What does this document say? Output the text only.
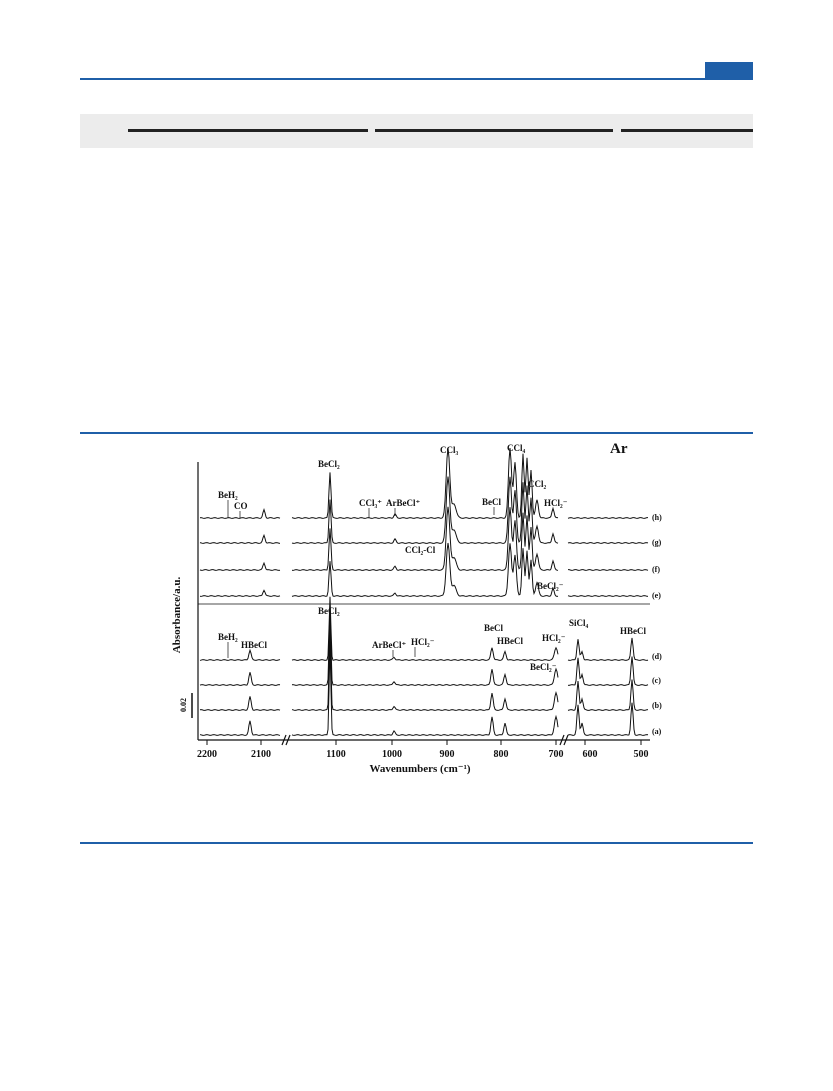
2200	2100	1100	1000	900	800	700 600	500
Wavenumbers (cm⁻¹)
Absorbance/a.u.
0.02
Ar
(h)
(g)
(f)
(e)
(d)
(c)
(b)
(a)
BeH₂
CO
BeCl₂
CCl₃⁺ ArBeCl⁺
CCl₃
BeCl
CCl₄
CCl₂
HCl₂⁻
CCl₂-Cl
BeCl₂⁻
BeH₂
HBeCl
BeCl₂
ArBeCl⁺ HCl₂⁻
BeCl
HBeCl HCl₂⁻
SiCl₄
HBeCl
BeCl₂⁻
